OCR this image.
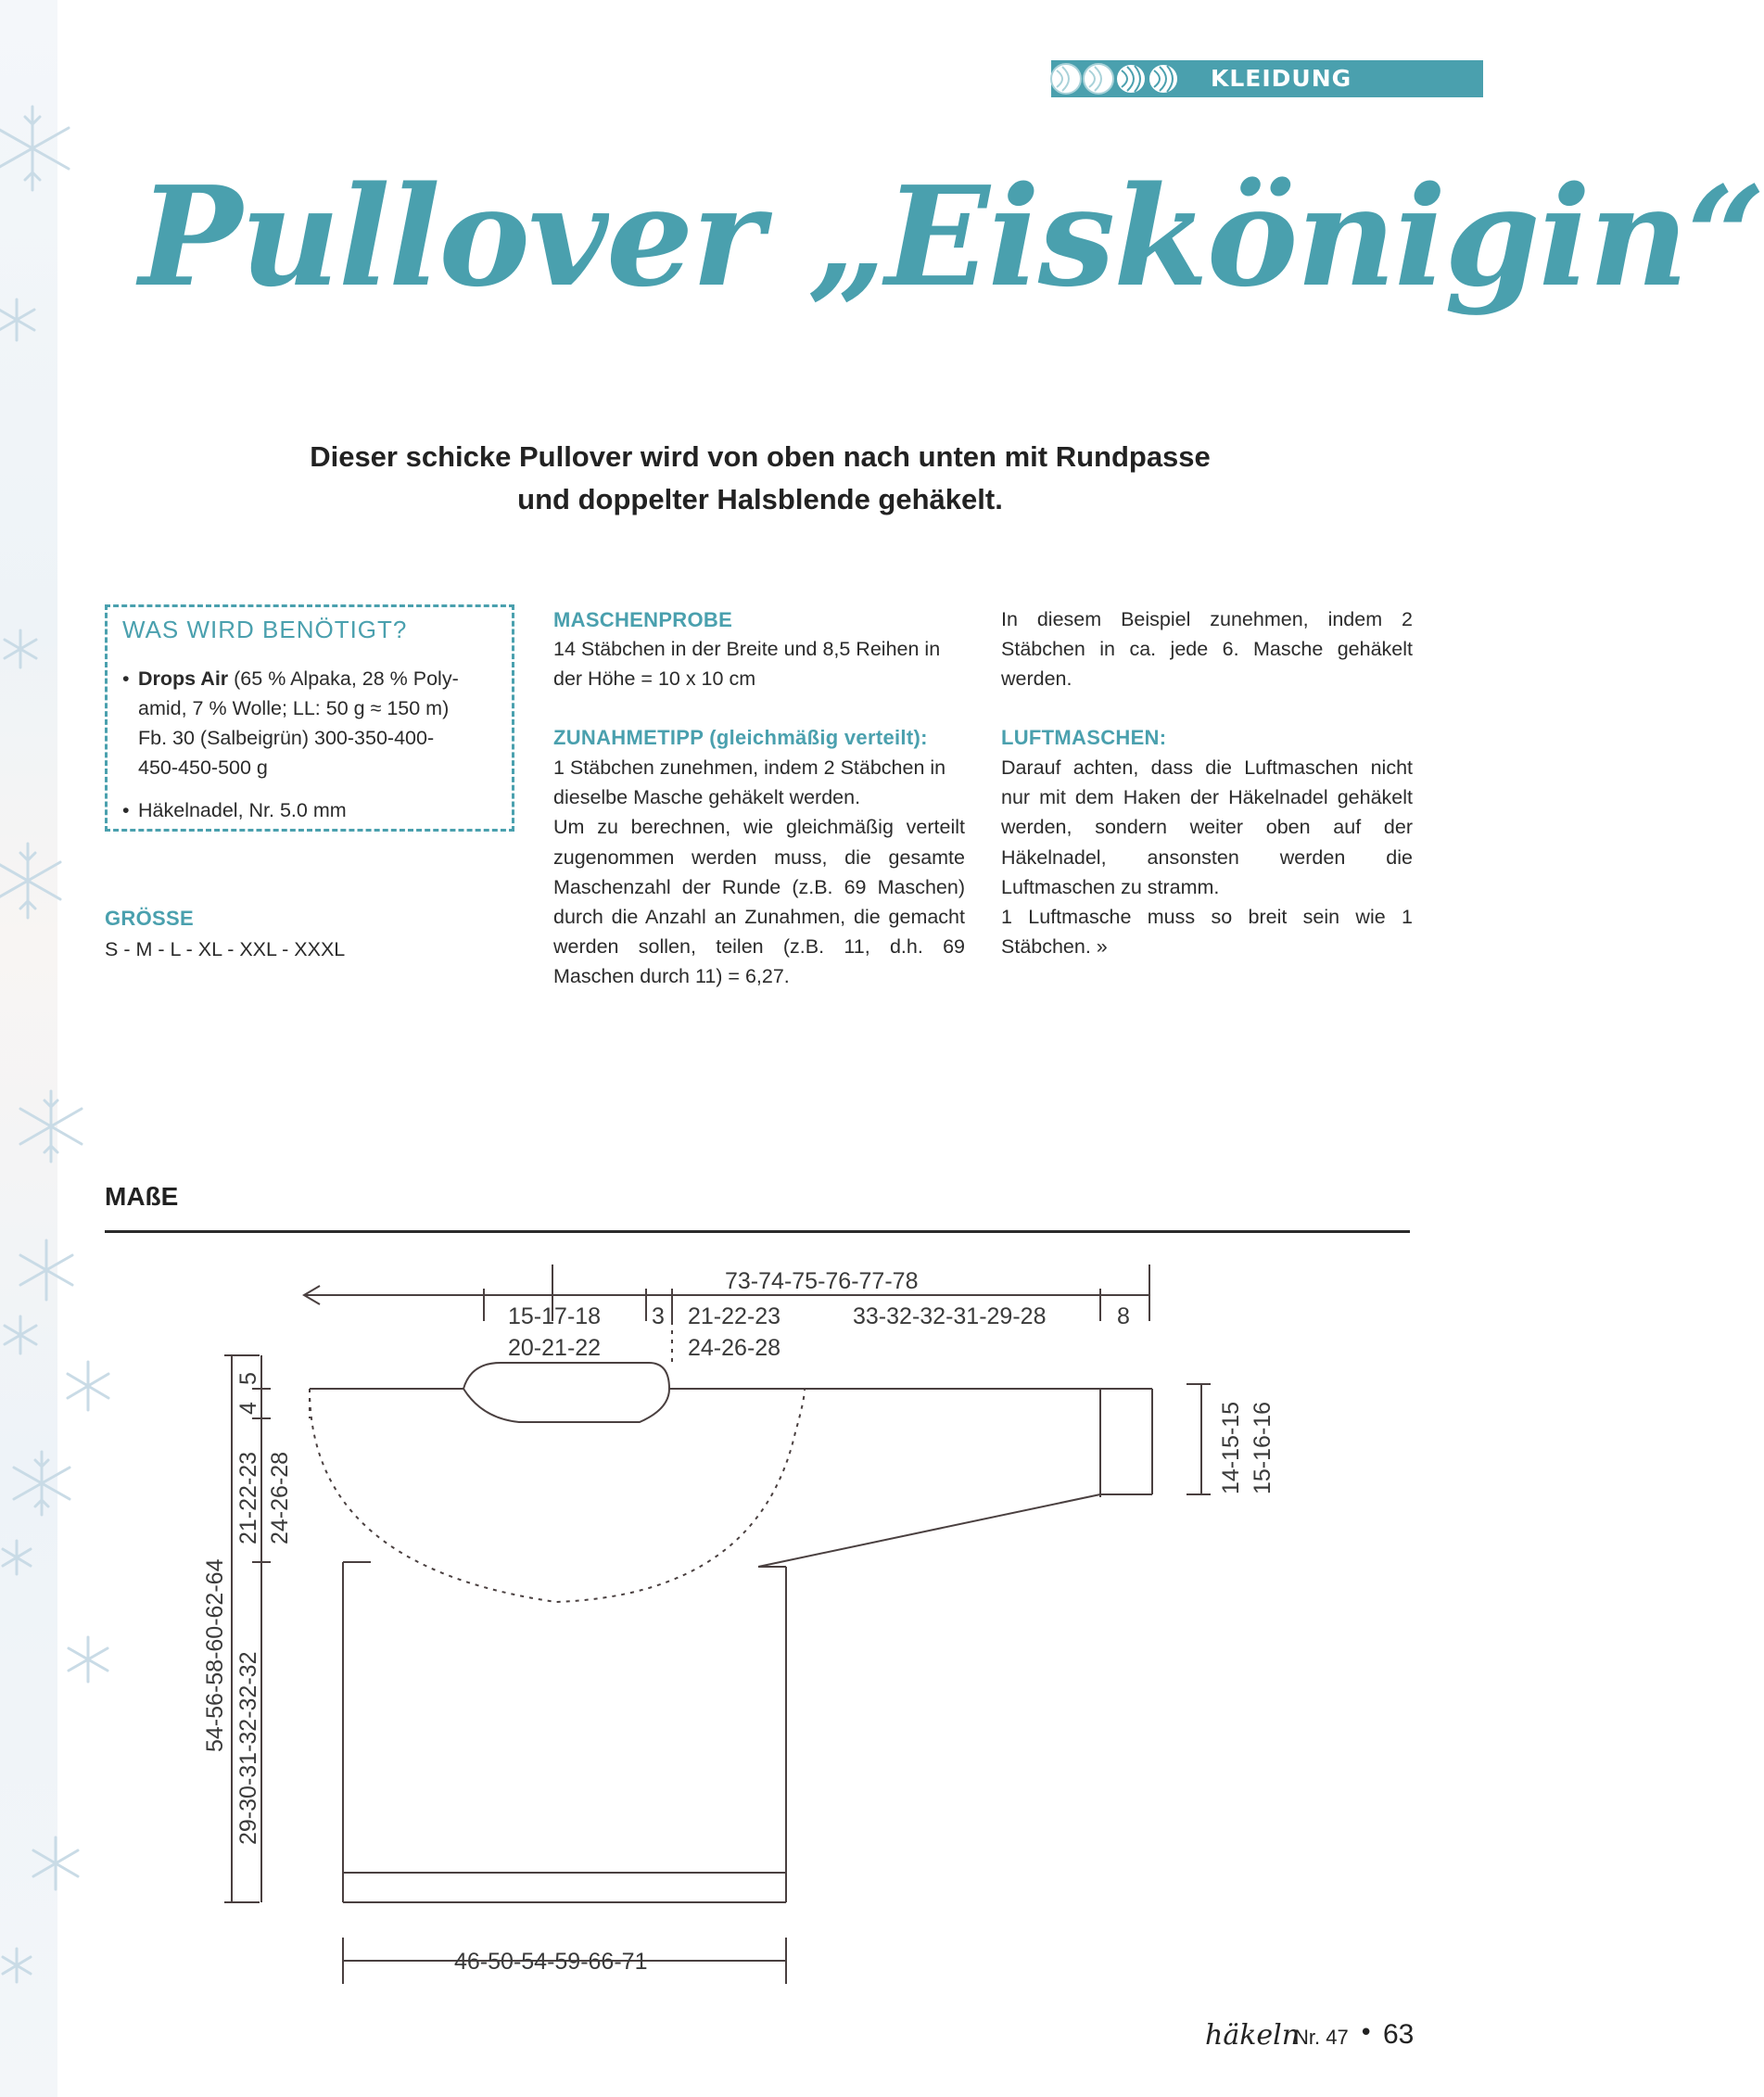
KLEIDUNG
Pullover „Eiskönigin“
Dieser schicke Pullover wird von oben nach unten mit Rundpasse
und doppelter Halsblende gehäkelt.
WAS WIRD BENÖTIGT?
• Drops Air (65 % Alpaka, 28 % Poly-
amid, 7 % Wolle; LL: 50 g ≈ 150 m)
Fb. 30 (Salbeigrün) 300-350-400-
450-450-500 g
• Häkelnadel, Nr. 5.0 mm
GRÖSSE
S - M - L - XL - XXL - XXXL
MASCHENPROBE
14 Stäbchen in der Breite und 8,5 Reihen in
der Höhe = 10 x 10 cm
ZUNAHMETIPP (gleichmäßig verteilt):
1 Stäbchen zunehmen, indem 2 Stäbchen in dieselbe Masche gehäkelt werden.
Um zu berechnen, wie gleichmäßig verteilt zugenommen werden muss, die gesamte Maschenzahl der Runde (z.B. 69 Maschen) durch die Anzahl an Zunahmen, die gemacht werden sollen, teilen (z.B. 11, d.h. 69 Maschen durch 11) = 6,27.
In diesem Beispiel zunehmen, indem 2 Stäbchen in ca. jede 6. Masche gehäkelt werden.
LUFTMASCHEN:
Darauf achten, dass die Luftmaschen nicht nur mit dem Haken der Häkelnadel gehäkelt werden, sondern weiter oben auf der Häkelnadel, ansonsten werden die Luftmaschen zu stramm.
1 Luftmasche muss so breit sein wie 1 Stäbchen. »
MAßE
73-74-75-76-77-78
15-17-18
20-21-22
3 21-22-23
24-26-28
33-32-32-31-29-28	8
5
4
21-22-23 24-26-28
54-56-58-60-62-64 29-30-31-32-32-32
14-15-15 15-16-16
46-50-54-59-66-71
häkeln
Nr. 47 • 63
